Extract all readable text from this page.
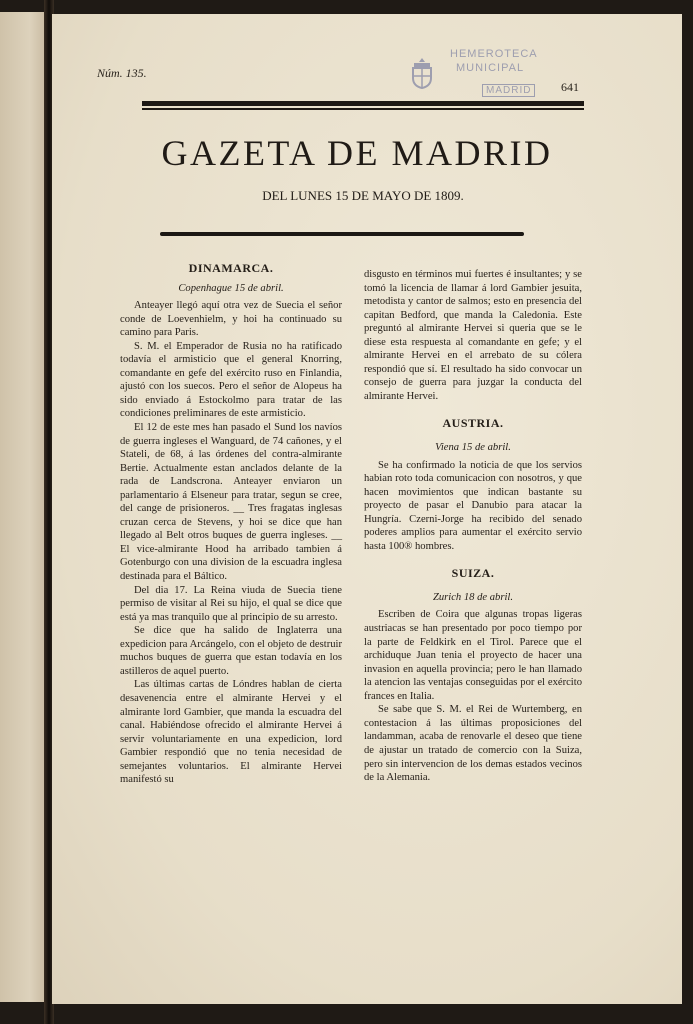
Núm. 135.
HEMEROTECA
MUNICIPAL
MADRID	641
GAZETA DE MADRID
DEL LUNES 15 DE MAYO DE 1809.
DINAMARCA.

Copenhague 15 de abril.

Anteayer llegó aquí otra vez de Suecia el señor conde de Loevenhielm, y hoi ha continuado su camino para Paris.

S. M. el Emperador de Rusia no ha ratificado todavía el armisticio que el general Knorring, comandante en gefe del exército ruso en Finlandia, ajustó con los suecos. Pero el señor de Alopeus ha sido enviado á Estockolmo para tratar de las condiciones preliminares de este armisticio.

El 12 de este mes han pasado el Sund los navíos de guerra ingleses el Wanguard, de 74 cañones, y el Stateli, de 68, á las órdenes del contra-almirante Bertie. Actualmente estan anclados delante de la rada de Landscrona. Anteayer enviaron un parlamentario á Elseneur para tratar, segun se cree, del cange de prisioneros. __ Tres fragatas inglesas cruzan cerca de Stevens, y hoi se dice que han llegado al Belt otros buques de guerra ingleses. __ El vice-almirante Hood ha arribado tambien á Gotenburgo con una division de la escuadra inglesa destinada para el Báltico.

Del dia 17. La Reina viuda de Suecia tiene permiso de visitar al Rei su hijo, el qual se dice que está ya mas tranquilo que al principio de su arresto.

Se dice que ha salido de Inglaterra una expedicion para Arcángelo, con el objeto de destruir muchos buques de guerra que estan todavía en los astilleros de aquel puerto.

Las últimas cartas de Lóndres hablan de cierta desavenencia entre el almirante Hervei y el almirante lord Gambier, que manda la escuadra del canal. Habiéndose ofrecido el almirante Hervei á servir voluntariamente en una expedicion, lord Gambier respondió que no tenia necesidad de semejantes voluntarios. El almirante Hervei manifestó su

disgusto en términos mui fuertes é insultantes; y se tomó la licencia de llamar á lord Gambier jesuita, metodista y cantor de salmos; esto en presencia del capitan Bedford, que manda la Caledonia. Este preguntó al almirante Hervei si queria que se le diese esta respuesta al comandante en gefe; y el almirante Hervei en el arrebato de su cólera respondió que sí. El resultado ha sido convocar un consejo de guerra para juzgar la conducta del almirante Hervei.

AUSTRIA.

Viena 15 de abril.

Se ha confirmado la noticia de que los servios habian roto toda comunicacion con nosotros, y que hacen movimientos que indican bastante su proyecto de pasar el Danubio para atacar la Hungría. Czerni-Jorge ha recibido del senado poderes amplios para aumentar el exército servio hasta 100® hombres.

SUIZA.

Zurich 18 de abril.

Escriben de Coira que algunas tropas ligeras austriacas se han presentado por poco tiempo por la parte de Feldkirk en el Tirol. Parece que el archiduque Juan tenia el proyecto de hacer una invasion en aquella provincia; pero le han llamado la atencion las ventajas conseguidas por el exército frances en Italia.

Se sabe que S. M. el Rei de Wurtemberg, en contestacion á las últimas proposiciones del landamman, acaba de renovarle el deseo que tiene de ajustar un tratado de comercio con la Suiza, pero sin intervencion de los demas estados vecinos de la Alemania.
